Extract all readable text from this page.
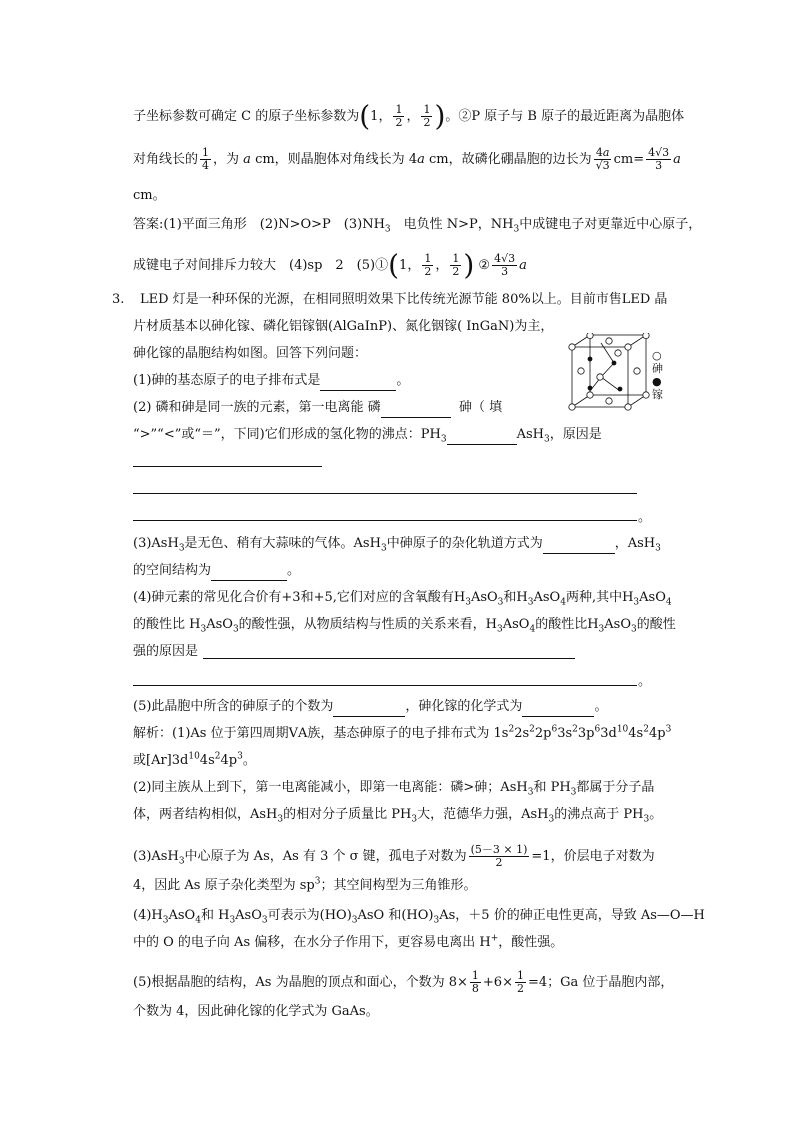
子坐标参数可确定 C 的原子坐标参数为(1， $\frac{1}{2}$ ， $\frac{1}{2}$ )。②P 原子与 B 原子的最近距离为晶胞体
对角线长的 $\frac{1}{4}$ ，为 a cm，则晶胞体对角线长为 4a cm，故磷化硼晶胞的边长为 $\frac{4a}{√3} cm= \frac{4√3}{3}$ a
cm。
答案:(1)平面三角形　(2)N>O>P　$(3)NH_3$　电负性 N>P，$NH_3$中成键电子对更靠近中心原子，
成键电子对间排斥力较大　(4)sp　2　(5)①(1， $\frac{1}{2}$ ， $\frac{1}{2}$ ) ② $\frac{4√3}{3}$ a
3. LED 灯是一种环保的光源，在相同照明效果下比传统光源节能 80%以上。目前市售LED 晶
片材质基本以砷化镓、磷化铝镓铟(AlGaInP)、氮化铟镓( InGaN)为主，
砷化镓的晶胞结构如图。回答下列问题：
(1)砷的基态原子的电子排布式是	。
(2) 磷和砷是同一族的元素，第一电离能 磷	砷（ 填
“>”“<”或“＝”，下同)它们形成的氢化物的沸点：$PH_3$	AsH$_3$，原因是
。
(3)AsH$_3$是无色、稍有大蒜味的气体。AsH$_3$中砷原子的杂化轨道方式为	，AsH$_3$
的空间结构为	。
(4)砷元素的常见化合价有+3和+5,它们对应的含氧酸有$H_3AsO_3$和$H_3AsO_4$两种,其中$H_3AsO_4$
的酸性比 $H_3AsO_3$的酸性强，从物质结构与性质的关系来看，$H_3AsO_4$的酸性比$H_3AsO_3$的酸性
强的原因是
。
(5)此晶胞中所含的砷原子的个数为	，砷化镓的化学式为	。
○砷
●镓
解析：(1)As 位于第四周期ⅤA族，基态砷原子的电子排布式为 $1s^22s^22p^63s^23p^63d^{10}4s^24p^3$
或$[Ar]3d^{10}4s^24p^3$。
(2)同主族从上到下，第一电离能减小，即第一电离能：磷>砷；AsH$_3$和 $PH_3$都属于分子晶
体，两者结构相似，AsH$_3$的相对分子质量比 $PH_3$大，范德华力强，AsH$_3$的沸点高于 $PH_3$。
(3)AsH$_3$中心原子为 As，As 有 3 个 σ 键，孤电子对数为 $\frac{(5-3 \times 1)}{2} =1$，价层电子对数为
4，因此 As 原子杂化类型为 $sp^3$；其空间构型为三角锥形。
$(4)H_3AsO_4$和 $H_3AsO_3$可表示为$(HO)_3AsO$ 和$(HO)_3As$，＋5 价的砷正电性更高，导致 As—O—H
中的 O 的电子向 As 偏移，在水分子作用下，更容易电离出 H+，酸性强。
(5)根据晶胞的结构，As 为晶胞的顶点和面心，个数为 $8\times \frac{1}{8} +6\times \frac{1}{2} =4$；Ga 位于晶胞内部，
个数为 4，因此砷化镓的化学式为 GaAs。
